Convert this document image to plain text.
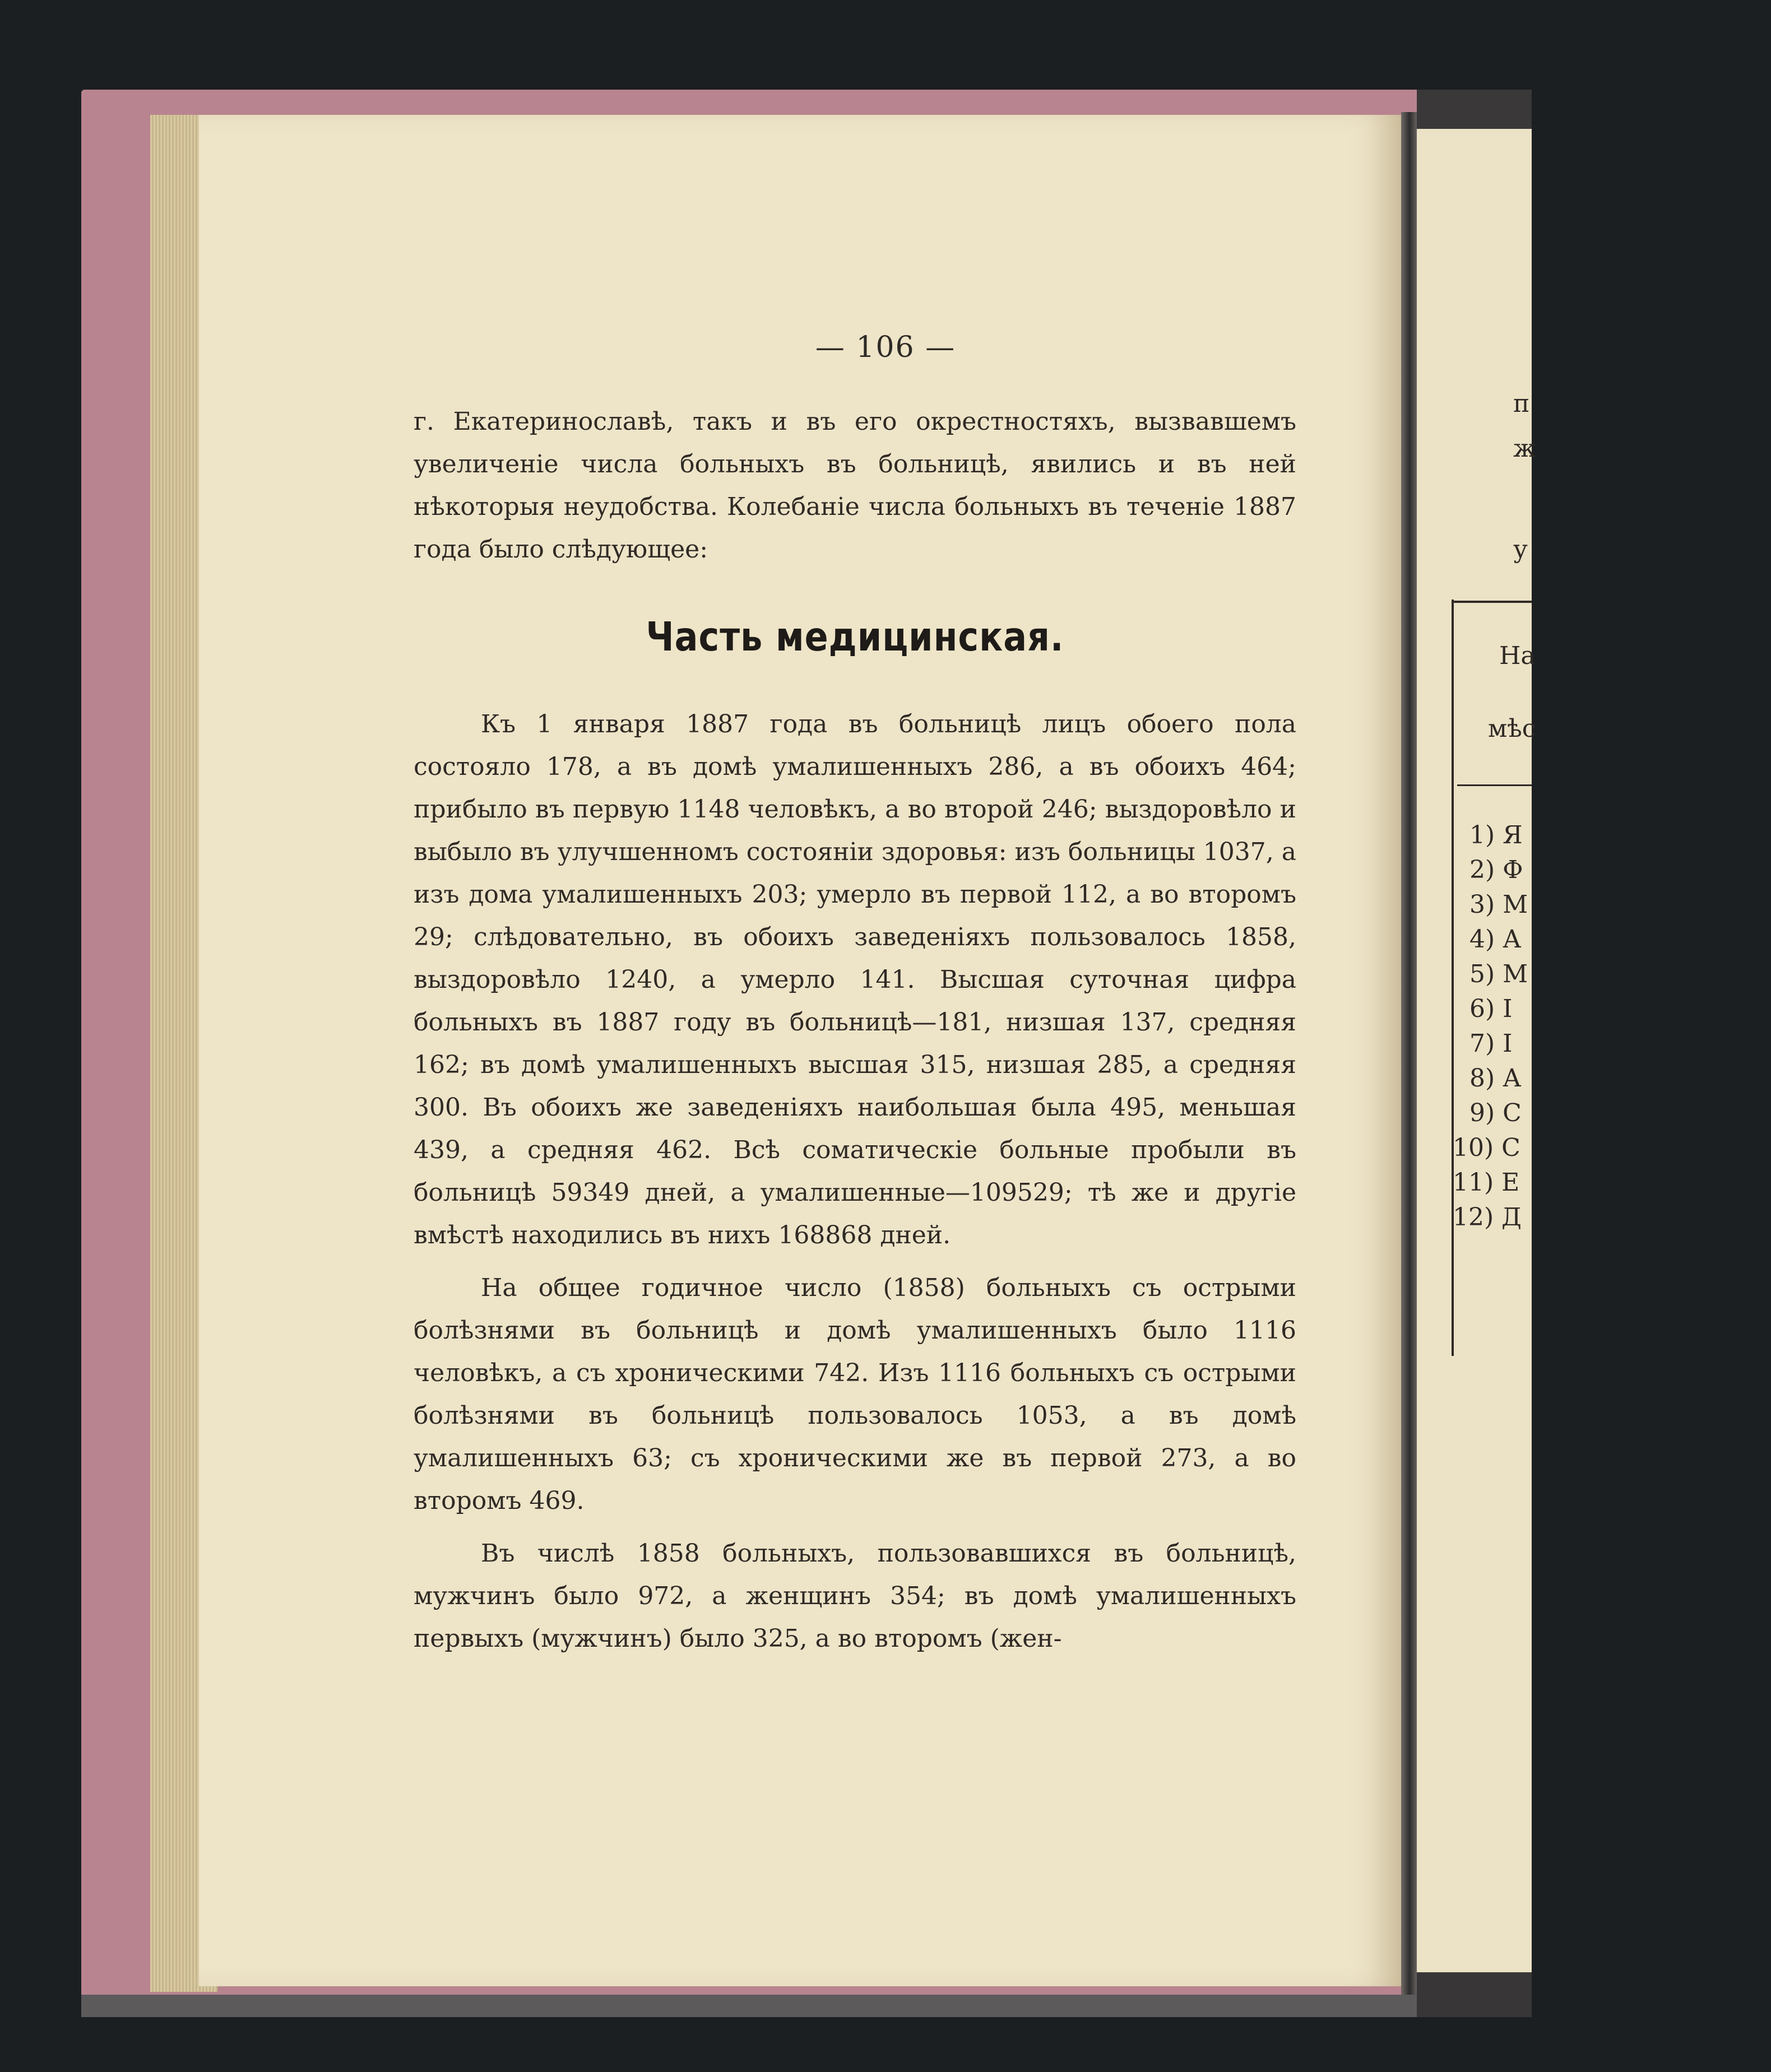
— 106 —

г. Екатеринославѣ, такъ и въ его окрестностяхъ, вызвавшемъ увеличеніе числа больныхъ въ больницѣ, явились и въ ней нѣкоторыя неудобства. Колебаніе числа больныхъ въ теченіе 1887 года было слѣдующее:

Часть медицинская.

Къ 1 января 1887 года въ больницѣ лицъ обоего пола состояло 178, а въ домѣ умалишенныхъ 286, а въ обоихъ 464; прибыло въ первую 1148 человѣкъ, а во второй 246; выздоровѣло и выбыло въ улучшенномъ состояніи здоровья: изъ больницы 1037, а изъ дома умалишенныхъ 203; умерло въ первой 112, а во второмъ 29; слѣдовательно, въ обоихъ заведеніяхъ пользовалось 1858, выздоровѣло 1240, а умерло 141. Высшая суточная цифра больныхъ въ 1887 году въ больницѣ—181, низшая 137, средняя 162; въ домѣ умалишенныхъ высшая 315, низшая 285, а средняя 300. Въ обоихъ же заведеніяхъ наибольшая была 495, меньшая 439, а средняя 462. Всѣ соматическіе больные пробыли въ больницѣ 59349 дней, а умалишенные—109529; тѣ же и другіе вмѣстѣ находились въ нихъ 168868 дней.

На общее годичное число (1858) больныхъ съ острыми болѣзнями въ больницѣ и домѣ умалишенныхъ было 1116 человѣкъ, а съ хроническими 742. Изъ 1116 больныхъ съ острыми болѣзнями въ больницѣ пользовалось 1053, а въ домѣ умалишенныхъ 63; съ хроническими же въ первой 273, а во второмъ 469.

Въ числѣ 1858 больныхъ, пользовавшихся въ больницѣ, мужчинъ было 972, а женщинъ 354; въ домѣ умалишенныхъ первыхъ (мужчинъ) было 325, а во второмъ (жен-

п
ж
у
На
мѣс
1) Я
2) Ф
3) М
4) А
5) М
6) І
7) І
8) А
9) С
10) С
11) Е
12) Д
